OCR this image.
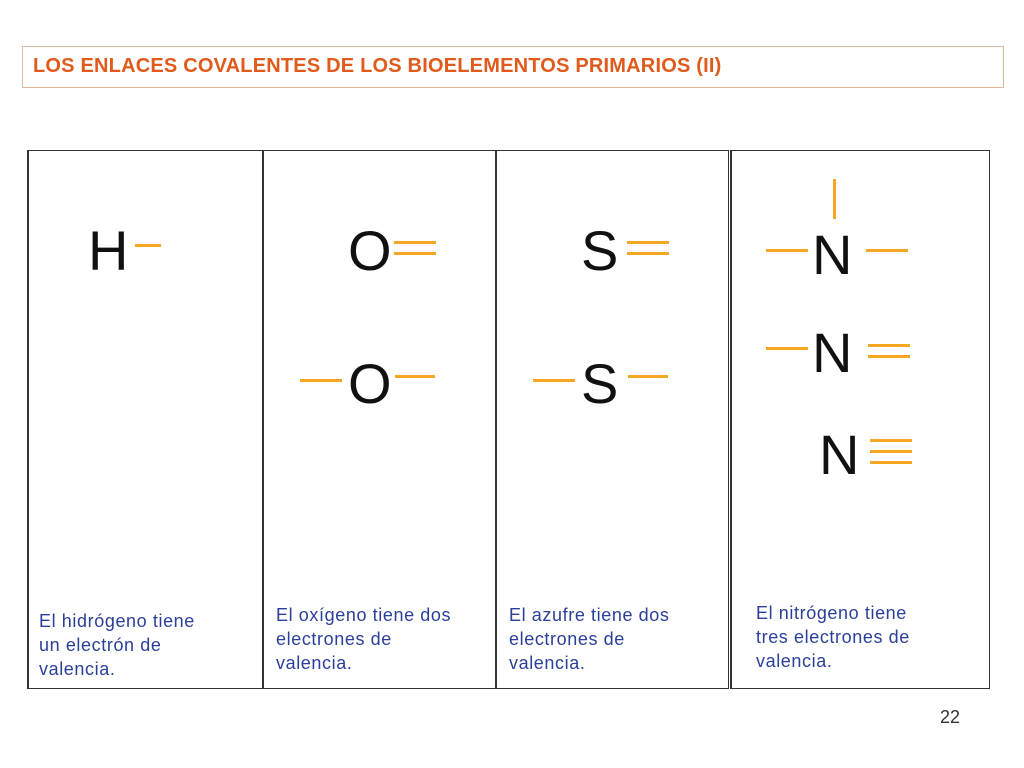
LOS ENLACES COVALENTES DE LOS BIOELEMENTOS PRIMARIOS (II)
H
El hidrógeno tiene
un electrón de
valencia.
O
O
El oxígeno tiene dos
electrones de
valencia.
S
S
El azufre tiene dos
electrones de
valencia.
N
N
N
El nitrógeno tiene
tres electrones de
valencia.
22
